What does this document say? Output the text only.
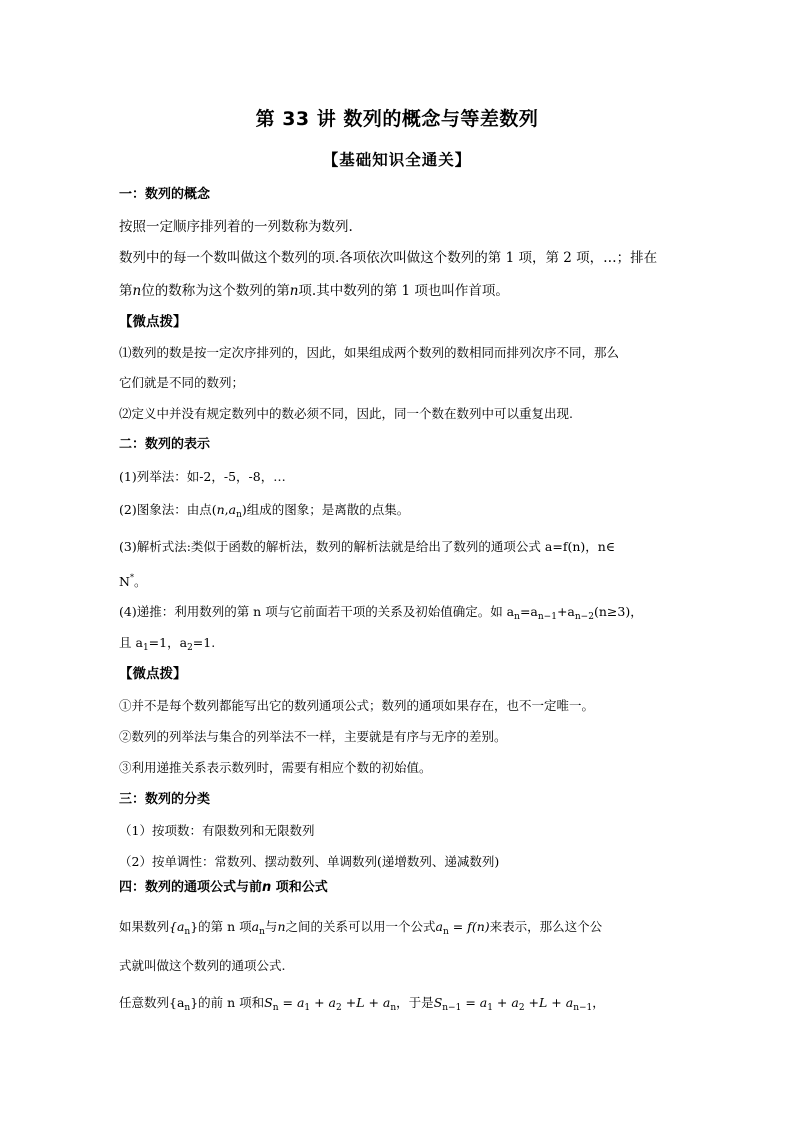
第 33 讲 数列的概念与等差数列
【基础知识全通关】
一：数列的概念
按照一定顺序排列着的一列数称为数列.
数列中的每一个数叫做这个数列的项.各项依次叫做这个数列的第 1 项，第 2 项，…；排在
第n位的数称为这个数列的第n项.其中数列的第 1 项也叫作首项。
【微点拨】
⑴数列的数是按一定次序排列的，因此，如果组成两个数列的数相同而排列次序不同，那么
它们就是不同的数列；
⑵定义中并没有规定数列中的数必须不同，因此，同一个数在数列中可以重复出现.
二：数列的表示
(1)列举法：如-2，-5，-8，…
(2)图象法：由点$(n,a_n)$组成的图象；是离散的点集。
(3)解析式法:类似于函数的解析法，数列的解析法就是给出了数列的通项公式 a=f(n)，n∈
N*。
(4)递推：利用数列的第 n 项与它前面若干项的关系及初始值确定。如 $a_n=a_{n-1}+a_{n-2}(n\ge 3)$，
且 $a_1=1$，$a_2=1$.
【微点拨】
①并不是每个数列都能写出它的数列通项公式；数列的通项如果存在，也不一定唯一。
②数列的列举法与集合的列举法不一样，主要就是有序与无序的差别。
③利用递推关系表示数列时，需要有相应个数的初始值。
三：数列的分类
（1）按项数：有限数列和无限数列
（2）按单调性：常数列、摆动数列、单调数列(递增数列、递减数列)
四：数列的通项公式与前n 项和公式
如果数列$\{a_n\}$的第 n 项$a_n$与n之间的关系可以用一个公式$a_n = f(n)$来表示，那么这个公
式就叫做这个数列的通项公式.
任意数列$\{a_n\}$的前 n 项和$S_n = a_1 + a_2 +L + a_n$，于是$S_{n-1} = a_1 + a_2 +L + a_{n-1}$，
